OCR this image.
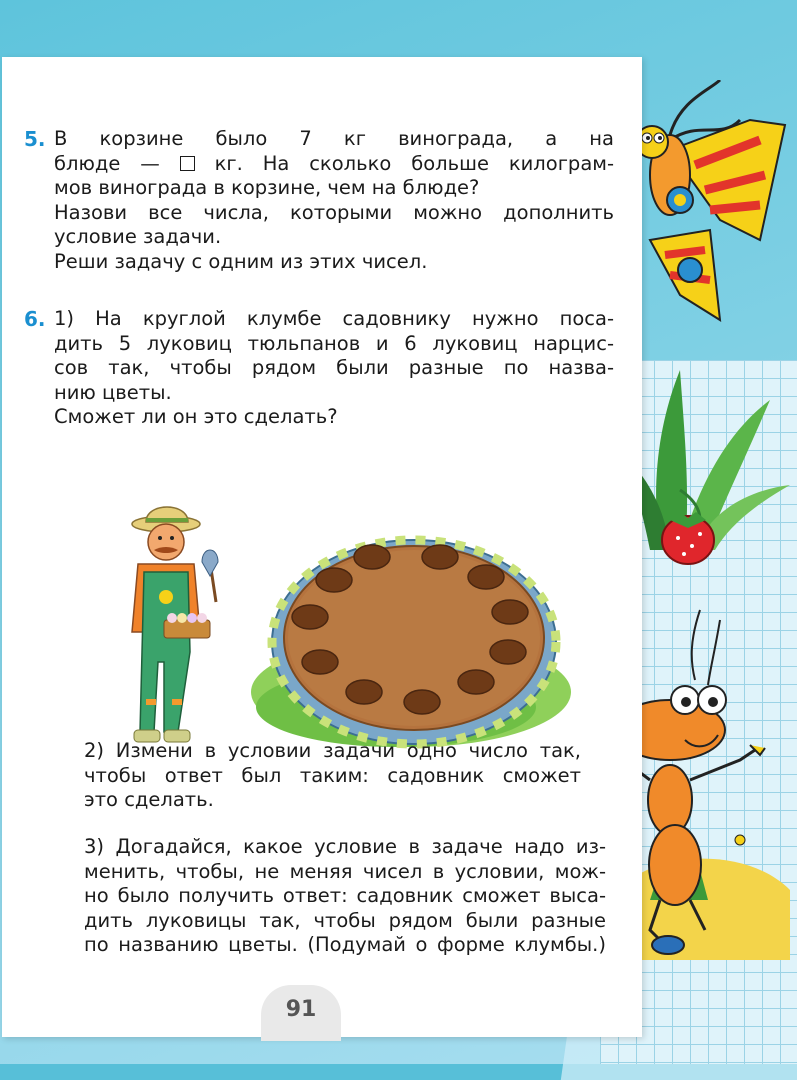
5. В корзине было 7 кг винограда, а на

блюде —	кг. На сколько больше килограм-

мов винограда в корзине, чем на блюде?

Назови все числа, которыми можно дополнить

условие задачи.

Реши задачу с одним из этих чисел.

6. 1) На круглой клумбе садовнику нужно поса-

дить 5 луковиц тюльпанов и 6 луковиц нарцис-

сов так, чтобы рядом были разные по назва-

нию цветы.

Сможет ли он это сделать?

2) Измени в условии задачи одно число так,

чтобы ответ был таким: садовник сможет

это сделать.

3) Догадайся, какое условие в задаче надо из-

менить, чтобы, не меняя чисел в условии, мож-

но было получить ответ: садовник сможет выса-

дить луковицы так, чтобы рядом были разные

по названию цветы. (Подумай о форме клумбы.)

91
